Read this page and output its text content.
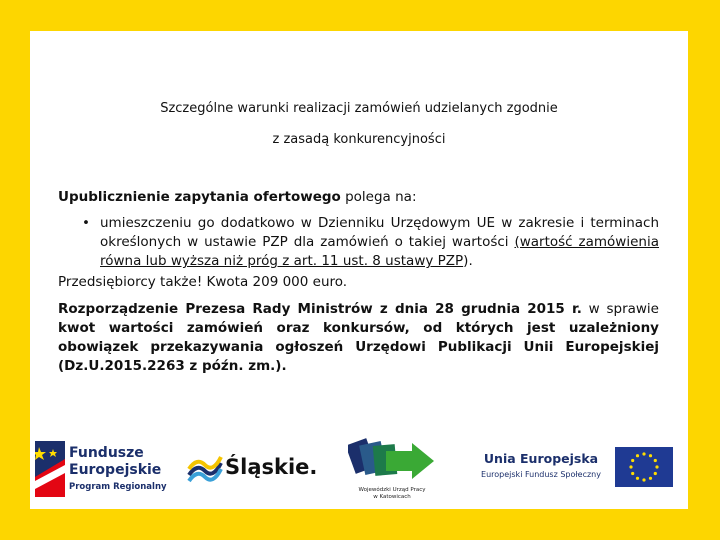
Szczególne warunki realizacji zamówień udzielanych zgodnie
z zasadą konkurencyjności

Upublicznienie zapytania ofertowego polega na:

• umieszczeniu go dodatkowo w Dzienniku Urzędowym UE w zakresie i terminach określonych w ustawie PZP dla zamówień o takiej wartości (wartość zamówienia równa lub wyższa niż próg z art. 11 ust. 8 ustawy PZP).

Przedsiębiorcy także! Kwota 209 000 euro.

Rozporządzenie Prezesa Rady Ministrów z dnia 28 grudnia 2015 r. w sprawie kwot wartości zamówień oraz konkursów, od których jest uzależniony obowiązek przekazywania ogłoszeń Urzędowi Publikacji Unii Europejskiej (Dz.U.2015.2263 z późn. zm.).

Fundusze
Europejskie
Program Regionalny
Śląskie.
Wojewódzki Urząd Pracy
w Katowicach
Unia Europejska
Europejski Fundusz Społeczny
